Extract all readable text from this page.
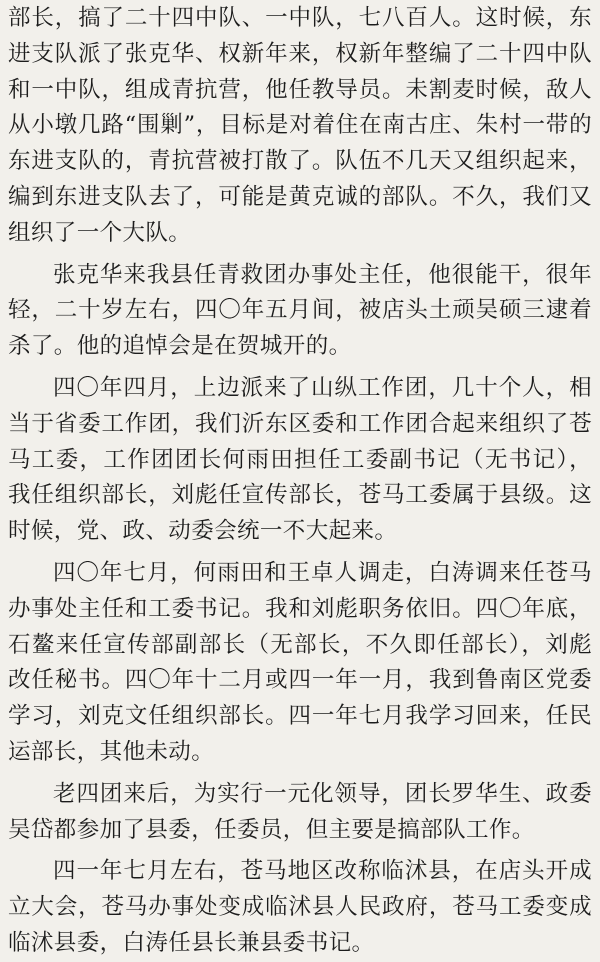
部长，搞了二十四中队、一中队，七八百人。这时候，东进支队派了张克华、权新年来，权新年整编了二十四中队和一中队，组成青抗营，他任教导员。未割麦时候，敌人从小墩几路“围剿”，目标是对着住在南古庄、朱村一带的东进支队的，青抗营被打散了。队伍不几天又组织起来，编到东进支队去了，可能是黄克诚的部队。不久，我们又组织了一个大队。

张克华来我县任青救团办事处主任，他很能干，很年轻，二十岁左右，四〇年五月间，被店头土顽吴硕三逮着杀了。他的追悼会是在贺城开的。

四〇年四月，上边派来了山纵工作团，几十个人，相当于省委工作团，我们沂东区委和工作团合起来组织了苍马工委，工作团团长何雨田担任工委副书记（无书记），我任组织部长，刘彪任宣传部长，苍马工委属于县级。这时候，党、政、动委会统一不大起来。

四〇年七月，何雨田和王卓人调走，白涛调来任苍马办事处主任和工委书记。我和刘彪职务依旧。四〇年底，石鳌来任宣传部副部长（无部长，不久即任部长），刘彪改任秘书。四〇年十二月或四一年一月，我到鲁南区党委学习，刘克文任组织部长。四一年七月我学习回来，任民运部长，其他未动。

老四团来后，为实行一元化领导，团长罗华生、政委吴岱都参加了县委，任委员，但主要是搞部队工作。

四一年七月左右，苍马地区改称临沭县，在店头开成立大会，苍马办事处变成临沭县人民政府，苍马工委变成临沭县委，白涛任县长兼县委书记。
